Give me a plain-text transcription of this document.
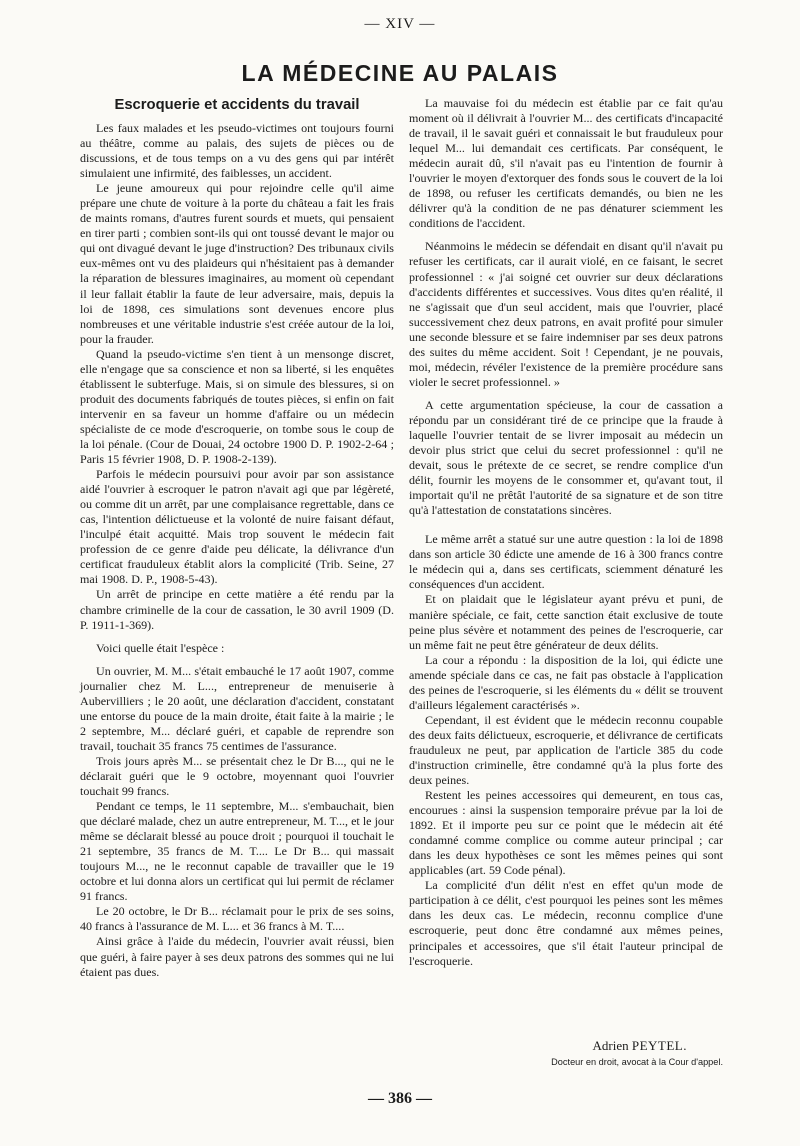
— XIV —
LA MÉDECINE AU PALAIS
Escroquerie et accidents du travail

Les faux malades et les pseudo-victimes ont toujours fourni au théâtre, comme au palais, des sujets de pièces ou de discussions, et de tous temps on a vu des gens qui par intérêt simulaient une infirmité, des faiblesses, un accident.

Le jeune amoureux qui pour rejoindre celle qu'il aime prépare une chute de voiture à la porte du château a fait les frais de maints romans, d'autres furent sourds et muets, qui pensaient en tirer parti ; combien sont-ils qui ont toussé devant le major ou qui ont divagué devant le juge d'instruction? Des tribunaux civils eux-mêmes ont vu des plaideurs qui n'hésitaient pas à demander la réparation de blessures imaginaires, au moment où cependant il leur fallait établir la faute de leur adversaire, mais, depuis la loi de 1898, ces simulations sont devenues encore plus nombreuses et une véritable industrie s'est créée autour de la loi, pour la frauder.

Quand la pseudo-victime s'en tient à un mensonge discret, elle n'engage que sa conscience et non sa liberté, si les enquêtes établissent le subterfuge. Mais, si on simule des blessures, si on produit des documents fabriqués de toutes pièces, si enfin on fait intervenir en sa faveur un homme d'affaire ou un médecin spécialiste de ce mode d'escroquerie, on tombe sous le coup de la loi pénale. (Cour de Douai, 24 octobre 1900 D. P. 1902-2-64 ; Paris 15 février 1908, D. P. 1908-2-139).

Parfois le médecin poursuivi pour avoir par son assistance aidé l'ouvrier à escroquer le patron n'avait agi que par légèreté, ou comme dit un arrêt, par une complaisance regrettable, dans ce cas, l'intention délictueuse et la volonté de nuire faisant défaut, l'inculpé était acquitté. Mais trop souvent le médecin fait profession de ce genre d'aide peu délicate, la délivrance d'un certificat frauduleux établit alors la complicité (Trib. Seine, 27 mai 1908. D. P., 1908-5-43).

Un arrêt de principe en cette matière a été rendu par la chambre criminelle de la cour de cassation, le 30 avril 1909 (D. P. 1911-1-369).

Voici quelle était l'espèce :

Un ouvrier, M. M... s'était embauché le 17 août 1907, comme journalier chez M. L..., entrepreneur de menuiserie à Aubervilliers ; le 20 août, une déclaration d'accident, constatant une entorse du pouce de la main droite, était faite à la mairie ; le 2 septembre, M... déclaré guéri, et capable de reprendre son travail, touchait 35 francs 75 centimes de l'assurance.

Trois jours après M... se présentait chez le Dr B..., qui ne le déclarait guéri que le 9 octobre, moyennant quoi l'ouvrier touchait 99 francs.

Pendant ce temps, le 11 septembre, M... s'embauchait, bien que déclaré malade, chez un autre entrepreneur, M. T..., et le jour même se déclarait blessé au pouce droit ; pourquoi il touchait le 21 septembre, 35 francs de M. T.... Le Dr B... qui massait toujours M..., ne le reconnut capable de travailler que le 19 octobre et lui donna alors un certificat qui lui permit de réclamer 91 francs.

Le 20 octobre, le Dr B... réclamait pour le prix de ses soins, 40 francs à l'assurance de M. L... et 36 francs à M. T....

Ainsi grâce à l'aide du médecin, l'ouvrier avait réussi, bien que guéri, à faire payer à ses deux patrons des sommes qui ne lui étaient pas dues.

La mauvaise foi du médecin est établie par ce fait qu'au moment où il délivrait à l'ouvrier M... des certificats d'incapacité de travail, il le savait guéri et connaissait le but frauduleux pour lequel M... lui demandait ces certificats. Par conséquent, le médecin aurait dû, s'il n'avait pas eu l'intention de fournir à l'ouvrier le moyen d'extorquer des fonds sous le couvert de la loi de 1898, ou refuser les certificats demandés, ou bien ne les délivrer qu'à la condition de ne pas dénaturer sciemment les conditions de l'accident.

Néanmoins le médecin se défendait en disant qu'il n'avait pu refuser les certificats, car il aurait violé, en ce faisant, le secret professionnel : « j'ai soigné cet ouvrier sur deux déclarations d'accidents différentes et successives. Vous dites qu'en réalité, il ne s'agissait que d'un seul accident, mais que l'ouvrier, placé successivement chez deux patrons, en avait profité pour simuler une seconde blessure et se faire indemniser par ses deux patrons des suites du même accident. Soit ! Cependant, je ne pouvais, moi, médecin, révéler l'existence de la première procédure sans violer le secret professionnel. »

A cette argumentation spécieuse, la cour de cassation a répondu par un considérant tiré de ce principe que la fraude à laquelle l'ouvrier tentait de se livrer imposait au médecin un devoir plus strict que celui du secret professionnel : qu'il ne devait, sous le prétexte de ce secret, se rendre complice d'un délit, fournir les moyens de le consommer et, qu'avant tout, il importait qu'il ne prêtât l'autorité de sa signature et de son titre qu'à l'attestation de constatations sincères.

Le même arrêt a statué sur une autre question : la loi de 1898 dans son article 30 édicte une amende de 16 à 300 francs contre le médecin qui a, dans ses certificats, sciemment dénaturé les conséquences d'un accident.

Et on plaidait que le législateur ayant prévu et puni, de manière spéciale, ce fait, cette sanction était exclusive de toute peine plus sévère et notamment des peines de l'escroquerie, car un même fait ne peut être générateur de deux délits.

La cour a répondu : la disposition de la loi, qui édicte une amende spéciale dans ce cas, ne fait pas obstacle à l'application des peines de l'escroquerie, si les éléments du « délit se trouvent d'ailleurs légalement caractérisés ».

Cependant, il est évident que le médecin reconnu coupable des deux faits délictueux, escroquerie, et délivrance de certificats frauduleux ne peut, par application de l'article 385 du code d'instruction criminelle, être condamné qu'à la plus forte des deux peines.

Restent les peines accessoires qui demeurent, en tous cas, encourues : ainsi la suspension temporaire prévue par la loi de 1892. Et il importe peu sur ce point que le médecin ait été condamné comme complice ou comme auteur principal ; car dans les deux hypothèses ce sont les mêmes peines qui sont applicables (art. 59 Code pénal).

La complicité d'un délit n'est en effet qu'un mode de participation à ce délit, c'est pourquoi les peines sont les mêmes dans les deux cas. Le médecin, reconnu complice d'une escroquerie, peut donc être condamné aux mêmes peines, principales et accessoires, que s'il était l'auteur principal de l'escroquerie.

Adrien PEYTEL.
Docteur en droit, avocat à la Cour d'appel.
— 386 —
